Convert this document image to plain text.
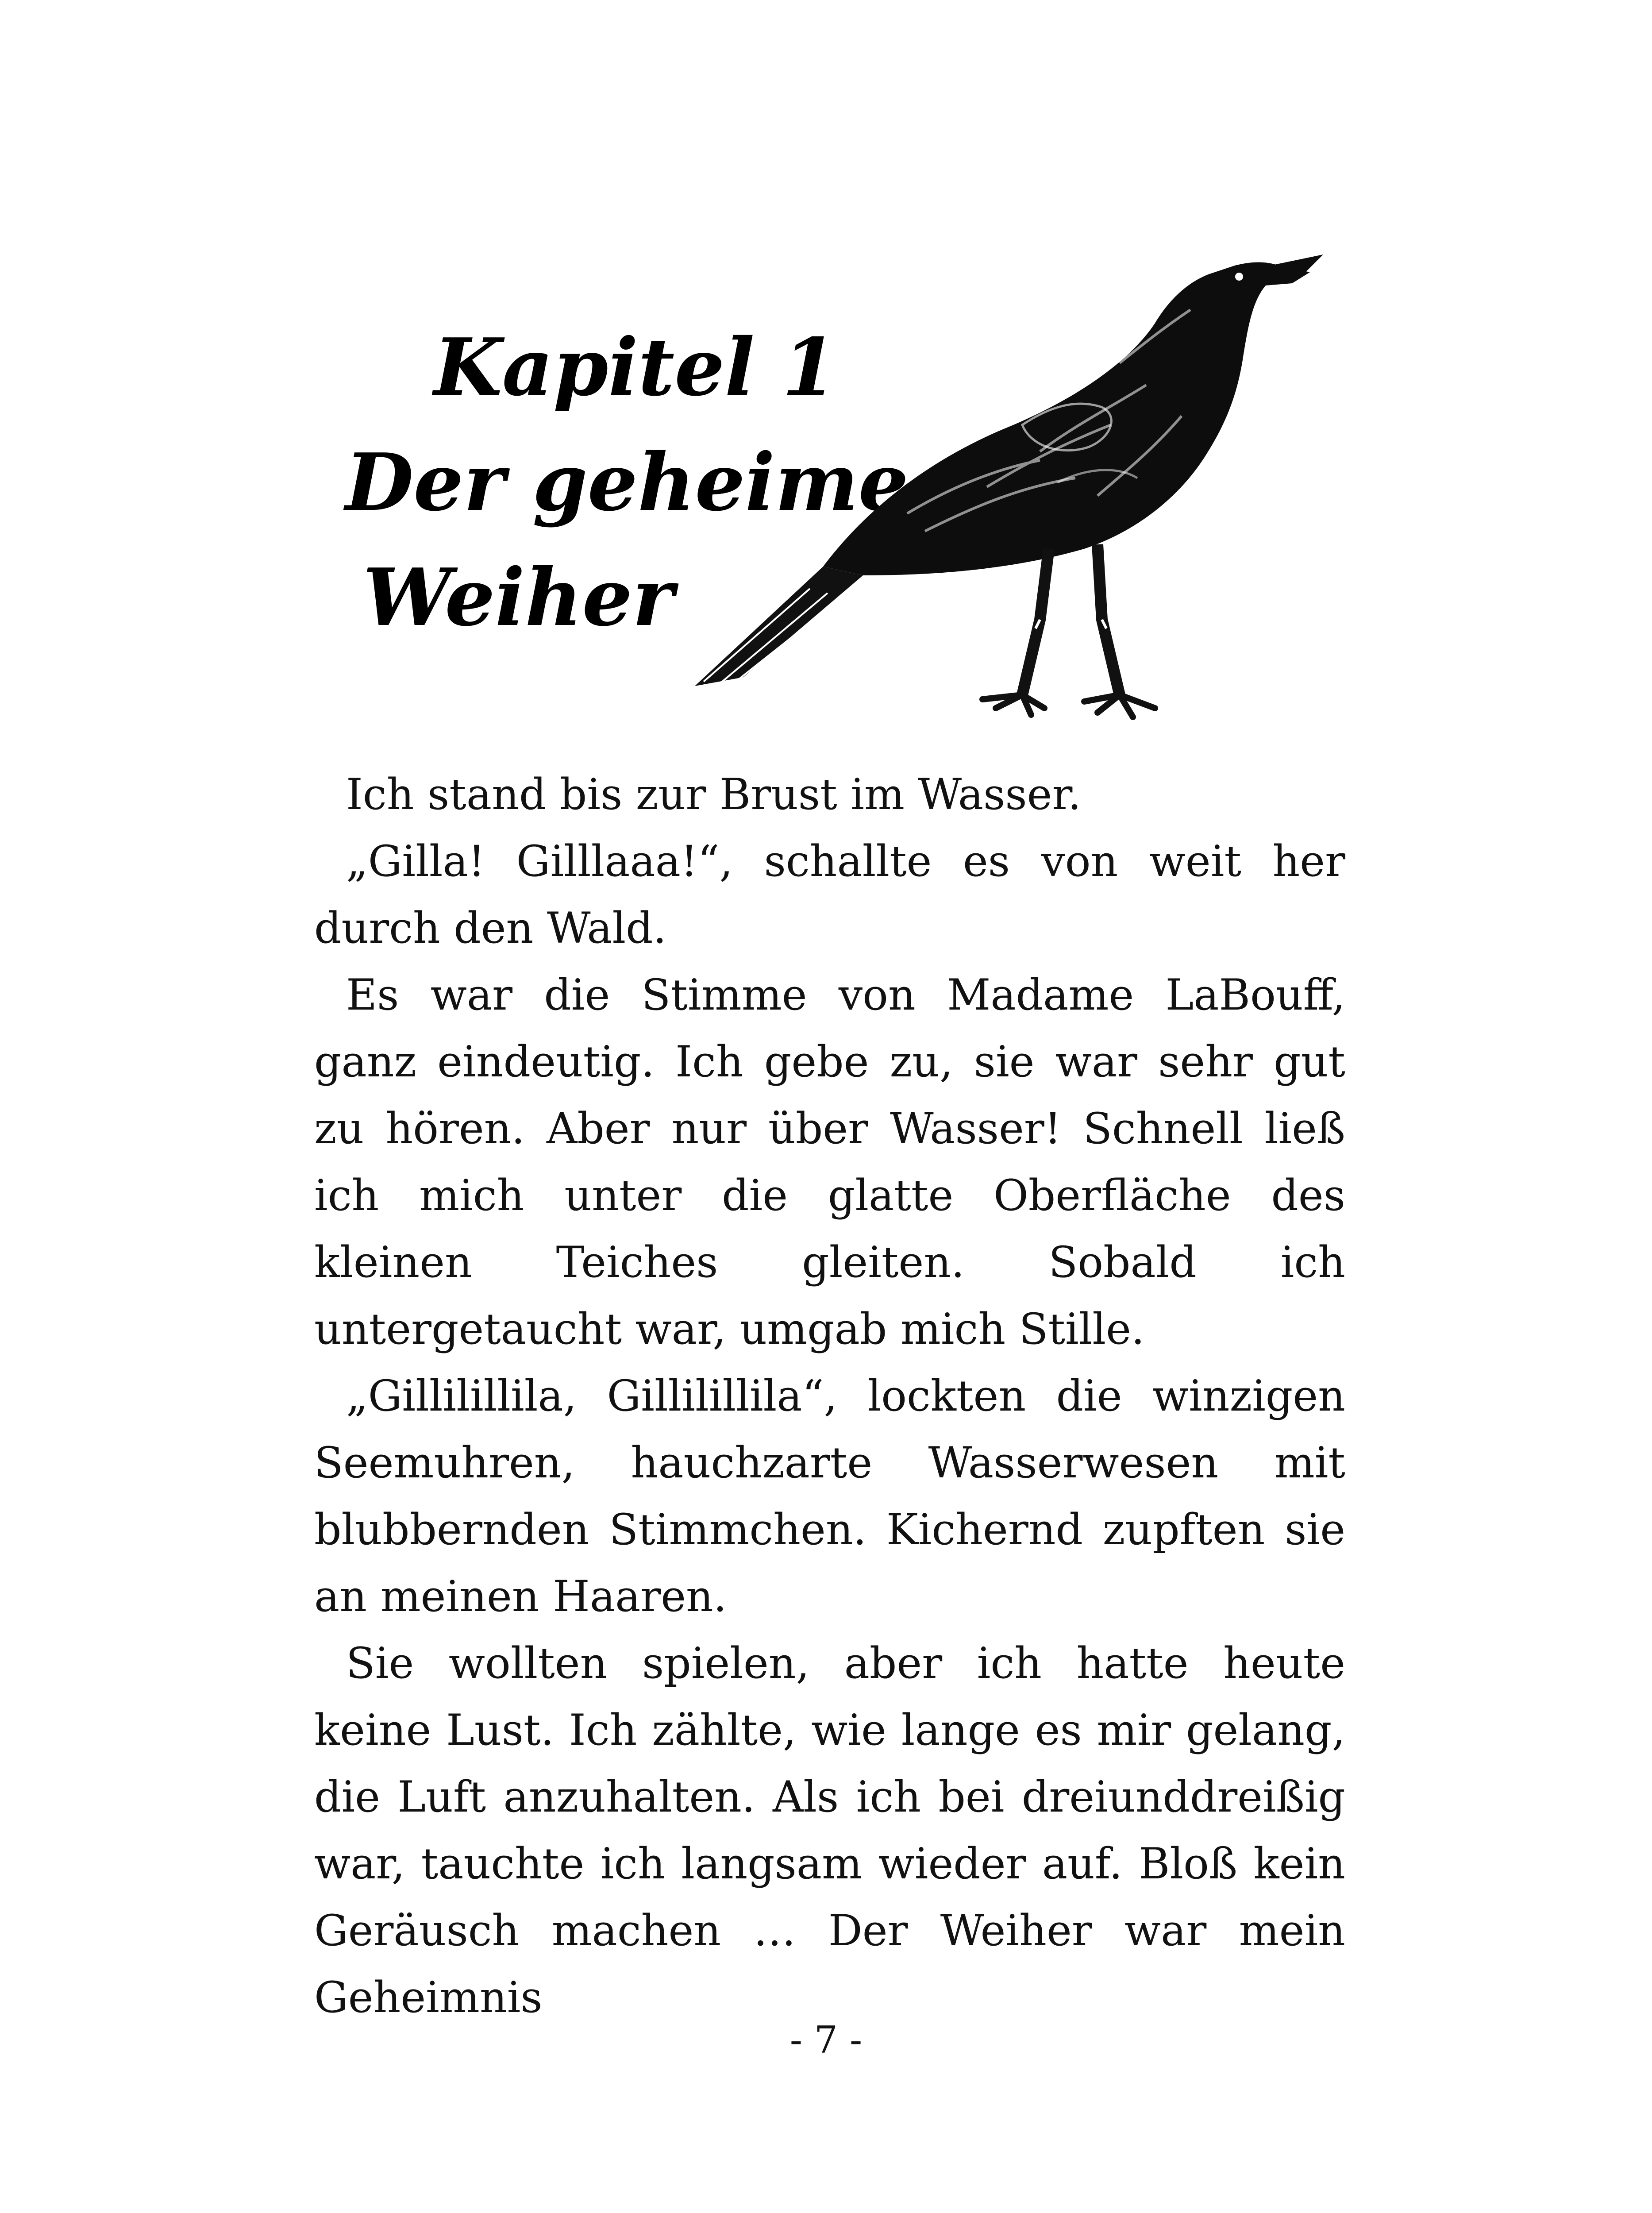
Kapitel 1
Der geheime
Weiher

Ich stand bis zur Brust im Wasser.

„Gilla! Gilllaaa!“, schallte es von weit her durch den Wald.

Es war die Stimme von Madame LaBouff, ganz eindeutig. Ich gebe zu, sie war sehr gut zu hören. Aber nur über Wasser! Schnell ließ ich mich unter die glatte Oberfläche des kleinen Teiches gleiten. Sobald ich untergetaucht war, umgab mich Stille.

„Gillilillila, Gillilillila“, lockten die winzigen Seemuhren, hauchzarte Wasserwesen mit blubbernden Stimmchen. Kichernd zupften sie an meinen Haaren.

Sie wollten spielen, aber ich hatte heute keine Lust. Ich zählte, wie lange es mir gelang, die Luft anzuhalten. Als ich bei dreiunddreißig war, tauchte ich langsam wieder auf. Bloß kein Geräusch machen … Der Weiher war mein Geheimnis

- 7 -
